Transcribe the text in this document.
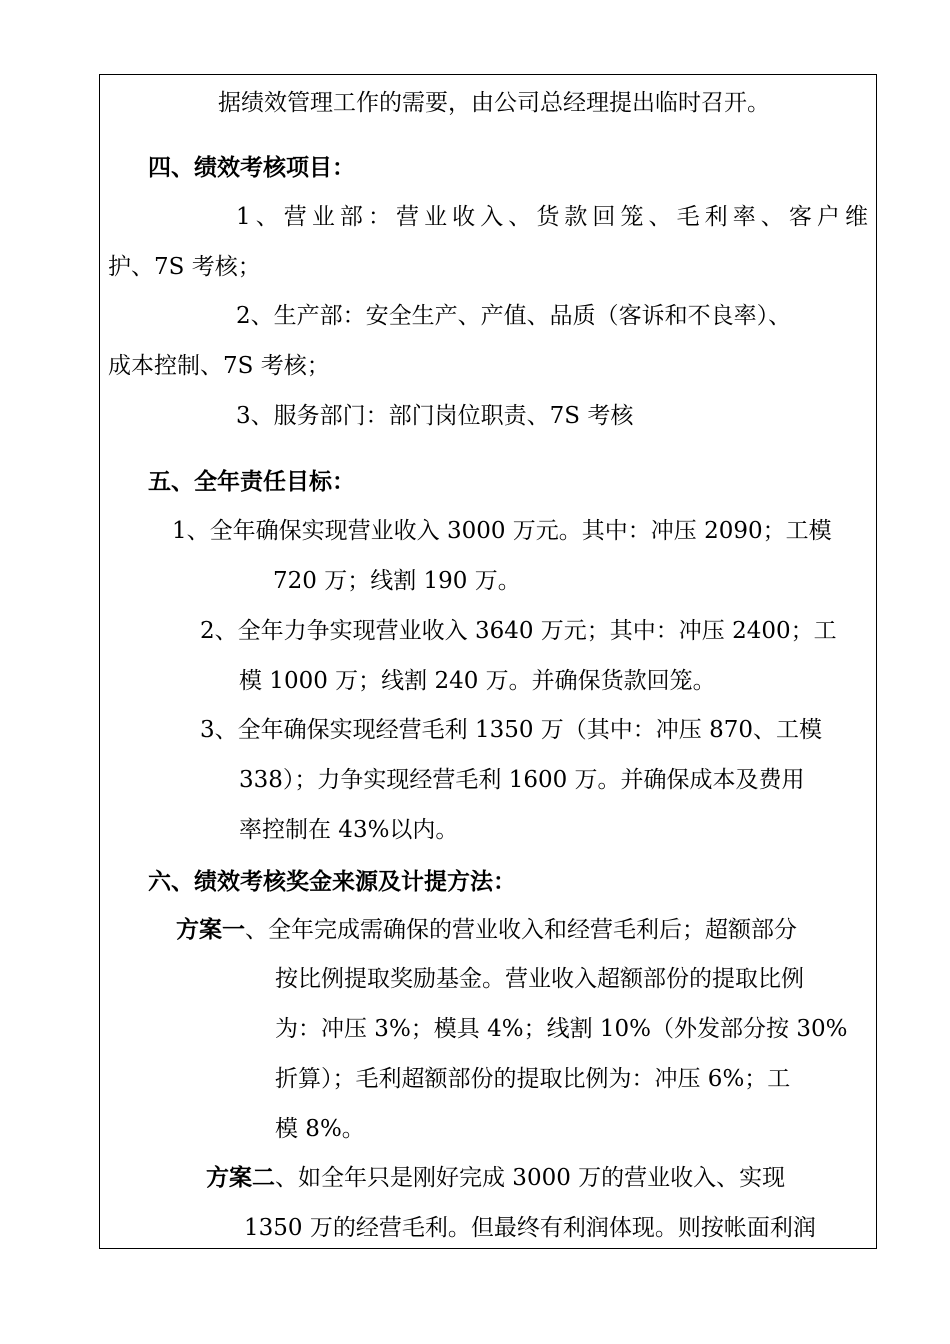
据绩效管理工作的需要，由公司总经理提出临时召开。
四、绩效考核项目：
1、营业部：营业收入、货款回笼、毛利率、客户维
护、7S 考核；
2、生产部：安全生产、产值、品质（客诉和不良率）、
成本控制、7S 考核；
3、服务部门：部门岗位职责、7S 考核
五、全年责任目标：
1、全年确保实现营业收入 3000 万元。其中：冲压 2090；工模
720 万；线割 190 万。
2、全年力争实现营业收入 3640 万元；其中：冲压 2400；工
模 1000 万；线割 240 万。并确保货款回笼。
3、全年确保实现经营毛利 1350 万（其中：冲压 870、工模
338）；力争实现经营毛利 1600 万。并确保成本及费用
率控制在 43%以内。
六、绩效考核奖金来源及计提方法：
方案一、全年完成需确保的营业收入和经营毛利后；超额部分
按比例提取奖励基金。营业收入超额部份的提取比例
为：冲压 3%；模具 4%；线割 10%（外发部分按 30%
折算）；毛利超额部份的提取比例为：冲压 6%；工
模 8%。
方案二、如全年只是刚好完成 3000 万的营业收入、实现
1350 万的经营毛利。但最终有利润体现。则按帐面利润
